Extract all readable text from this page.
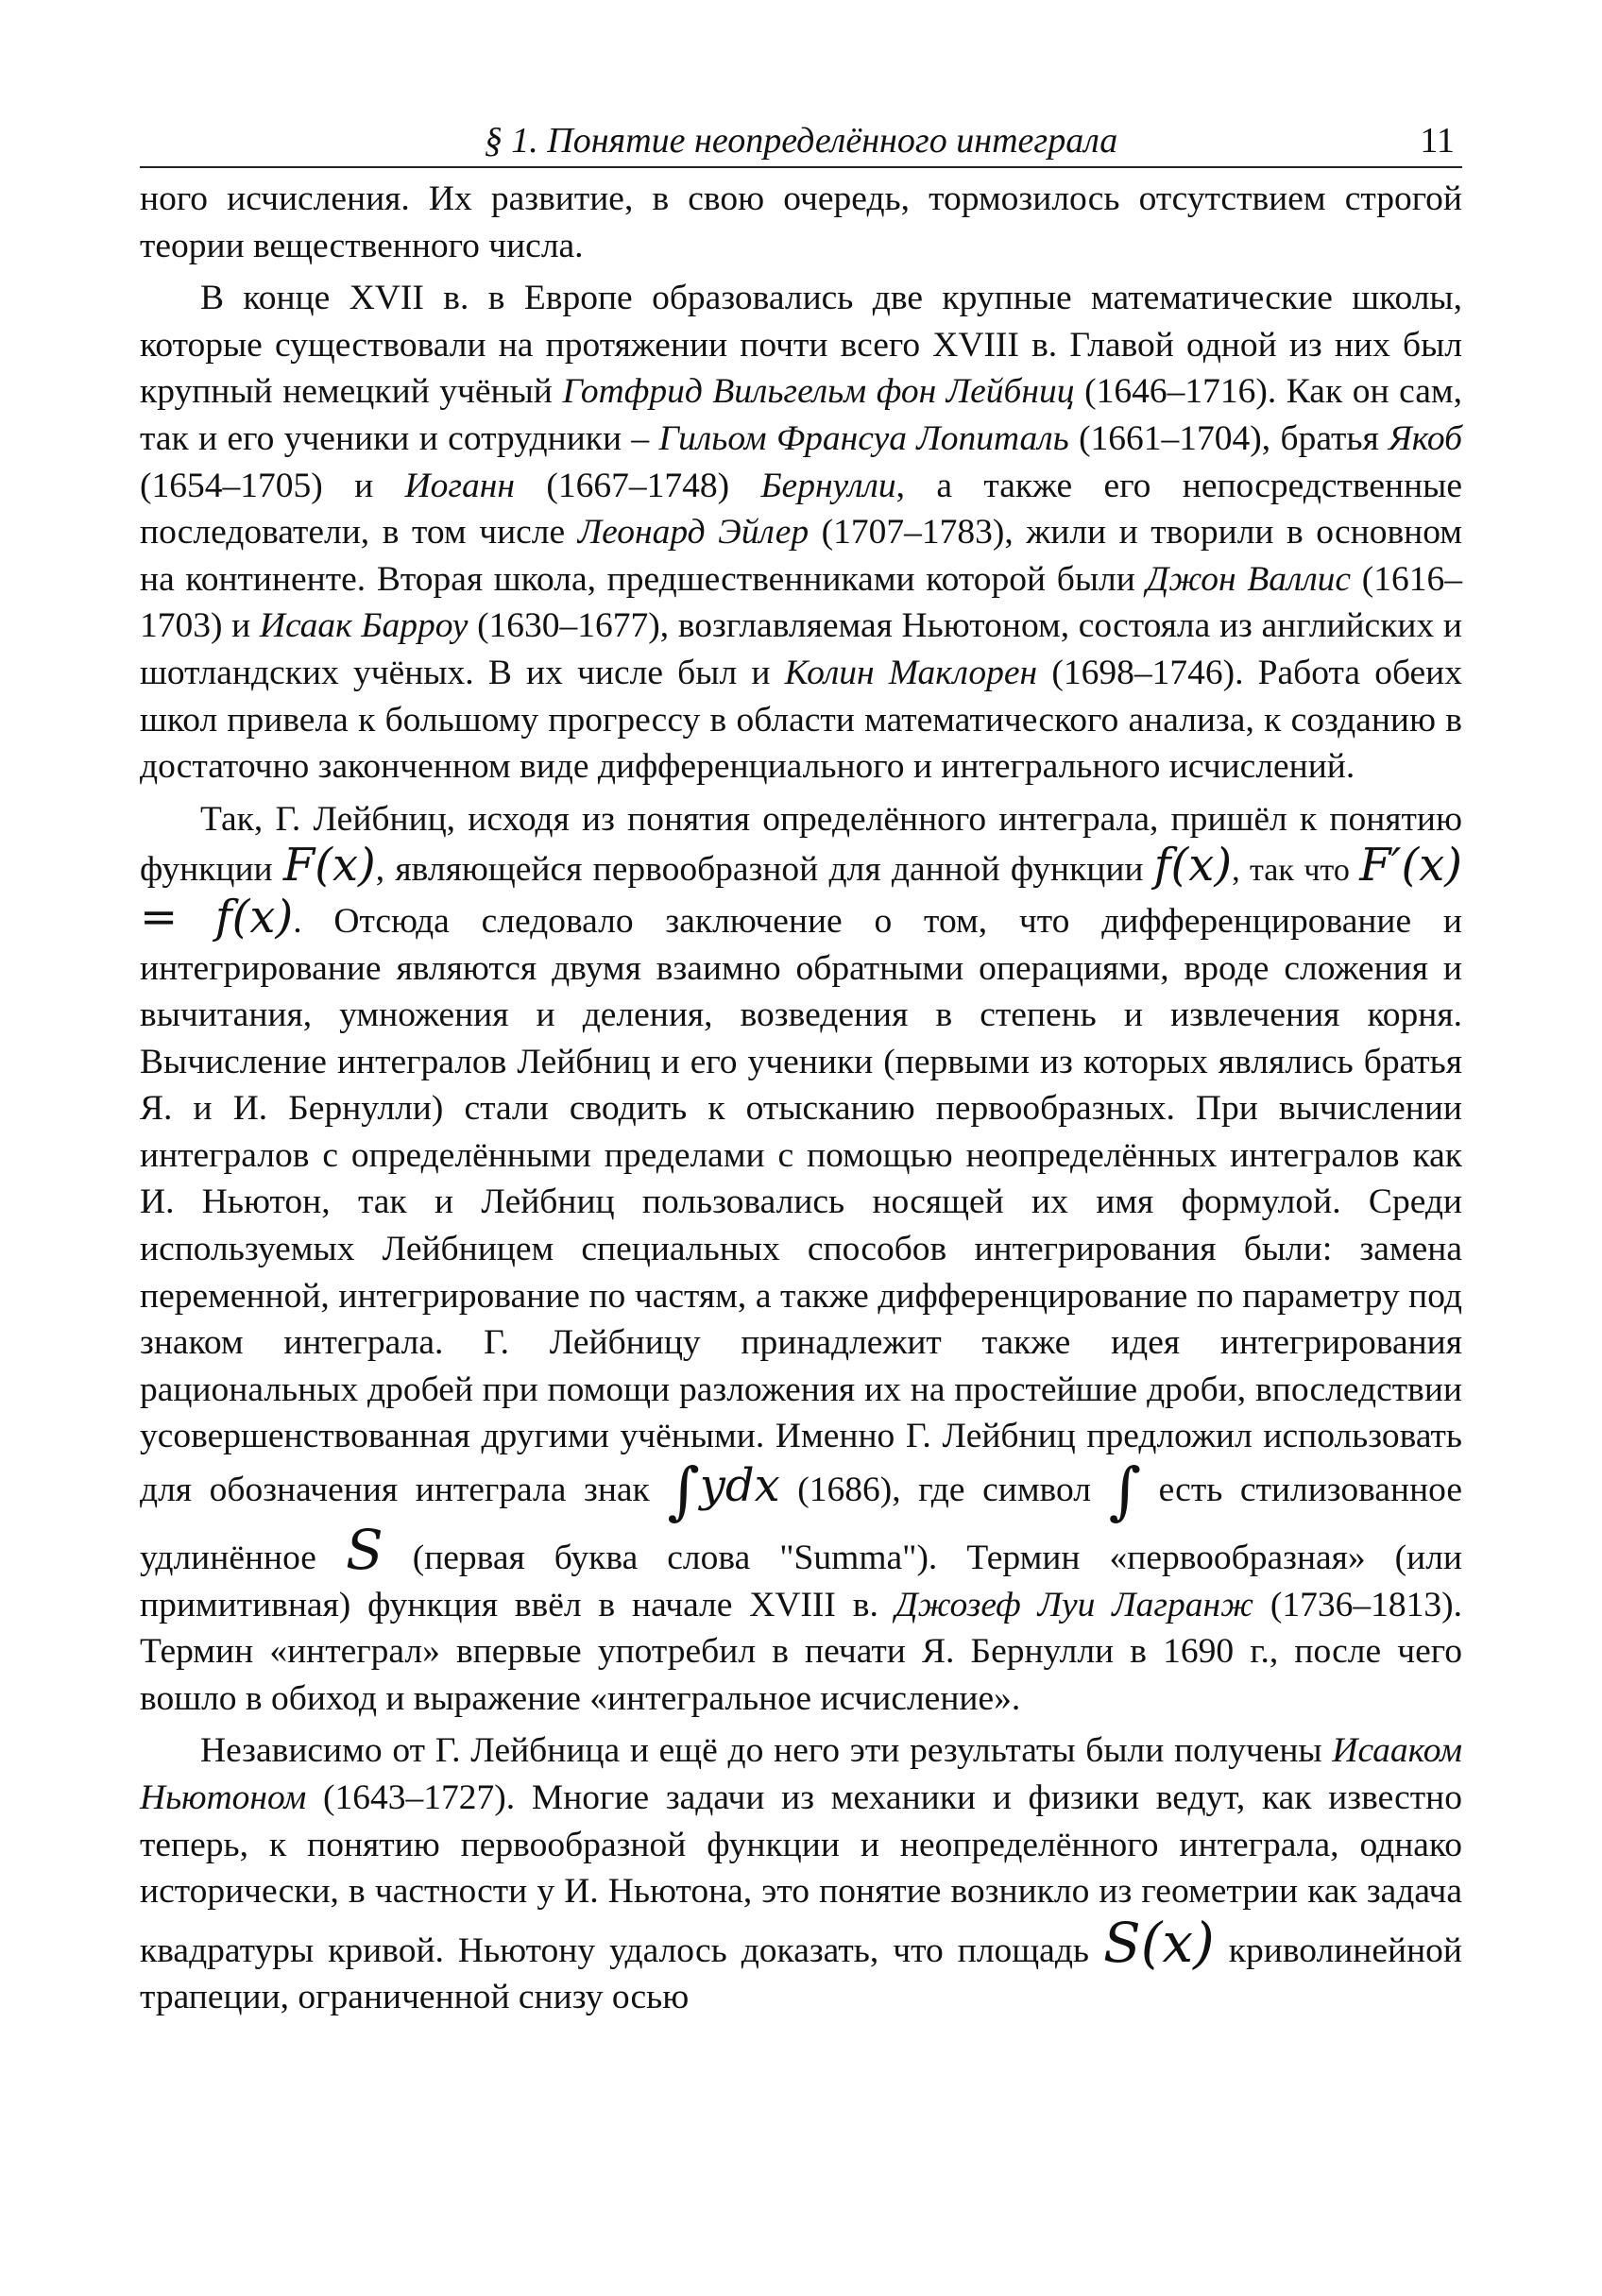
§ 1. Понятие неопределённого интеграла	11

ного исчисления. Их развитие, в свою очередь, тормозилось отсутствием строгой теории вещественного числа.

В конце XVII в. в Европе образовались две крупные математические школы, которые существовали на протяжении почти всего XVIII в. Главой одной из них был крупный немецкий учёный Готфрид Вильгельм фон Лейбниц (1646–1716). Как он сам, так и его ученики и сотрудники – Гильом Франсуа Лопиталь (1661–1704), братья Якоб (1654–1705) и Иоганн (1667–1748) Бернулли, а также его непосредственные последователи, в том числе Леонард Эйлер (1707–1783), жили и творили в основном на континенте. Вторая школа, предшественниками которой были Джон Валлис (1616–1703) и Исаак Барроу (1630–1677), возглавляемая Ньютоном, состояла из английских и шотландских учёных. В их числе был и Колин Маклорен (1698–1746). Работа обеих школ привела к большому прогрессу в области математического анализа, к созданию в достаточно законченном виде дифференциального и интегрального исчислений.

Так, Г. Лейбниц, исходя из понятия определённого интеграла, пришёл к понятию функции F(x), являющейся первообразной для данной функции f(x), так что F′(x) = f(x). Отсюда следовало заключение о том, что дифференцирование и интегрирование являются двумя взаимно обратными операциями, вроде сложения и вычитания, умножения и деления, возведения в степень и извлечения корня. Вычисление интегралов Лейбниц и его ученики (первыми из которых являлись братья Я. и И. Бернулли) стали сводить к отысканию первообразных. При вычислении интегралов с определёнными пределами с помощью неопределённых интегралов как И. Ньютон, так и Лейбниц пользовались носящей их имя формулой. Среди используемых Лейбницем специальных способов интегрирования были: замена переменной, интегрирование по частям, а также дифференцирование по параметру под знаком интеграла. Г. Лейбницу принадлежит также идея интегрирования рациональных дробей при помощи разложения их на простейшие дроби, впоследствии усовершенствованная другими учёными. Именно Г. Лейбниц предложил использовать для обозначения интеграла знак ∫ydx (1686), где символ ∫ есть стилизованное удлинённое S (первая буква слова "Summa"). Термин «первообразная» (или примитивная) функция ввёл в начале XVIII в. Джозеф Луи Лагранж (1736–1813). Термин «интеграл» впервые употребил в печати Я. Бернулли в 1690 г., после чего вошло в обиход и выражение «интегральное исчисление».

Независимо от Г. Лейбница и ещё до него эти результаты были получены Исааком Ньютоном (1643–1727). Многие задачи из механики и физики ведут, как известно теперь, к понятию первообразной функции и неопределённого интеграла, однако исторически, в частности у И. Ньютона, это понятие возникло из геометрии как задача квадратуры кривой. Ньютону удалось доказать, что площадь S(x) криволинейной трапеции, ограниченной снизу осью
